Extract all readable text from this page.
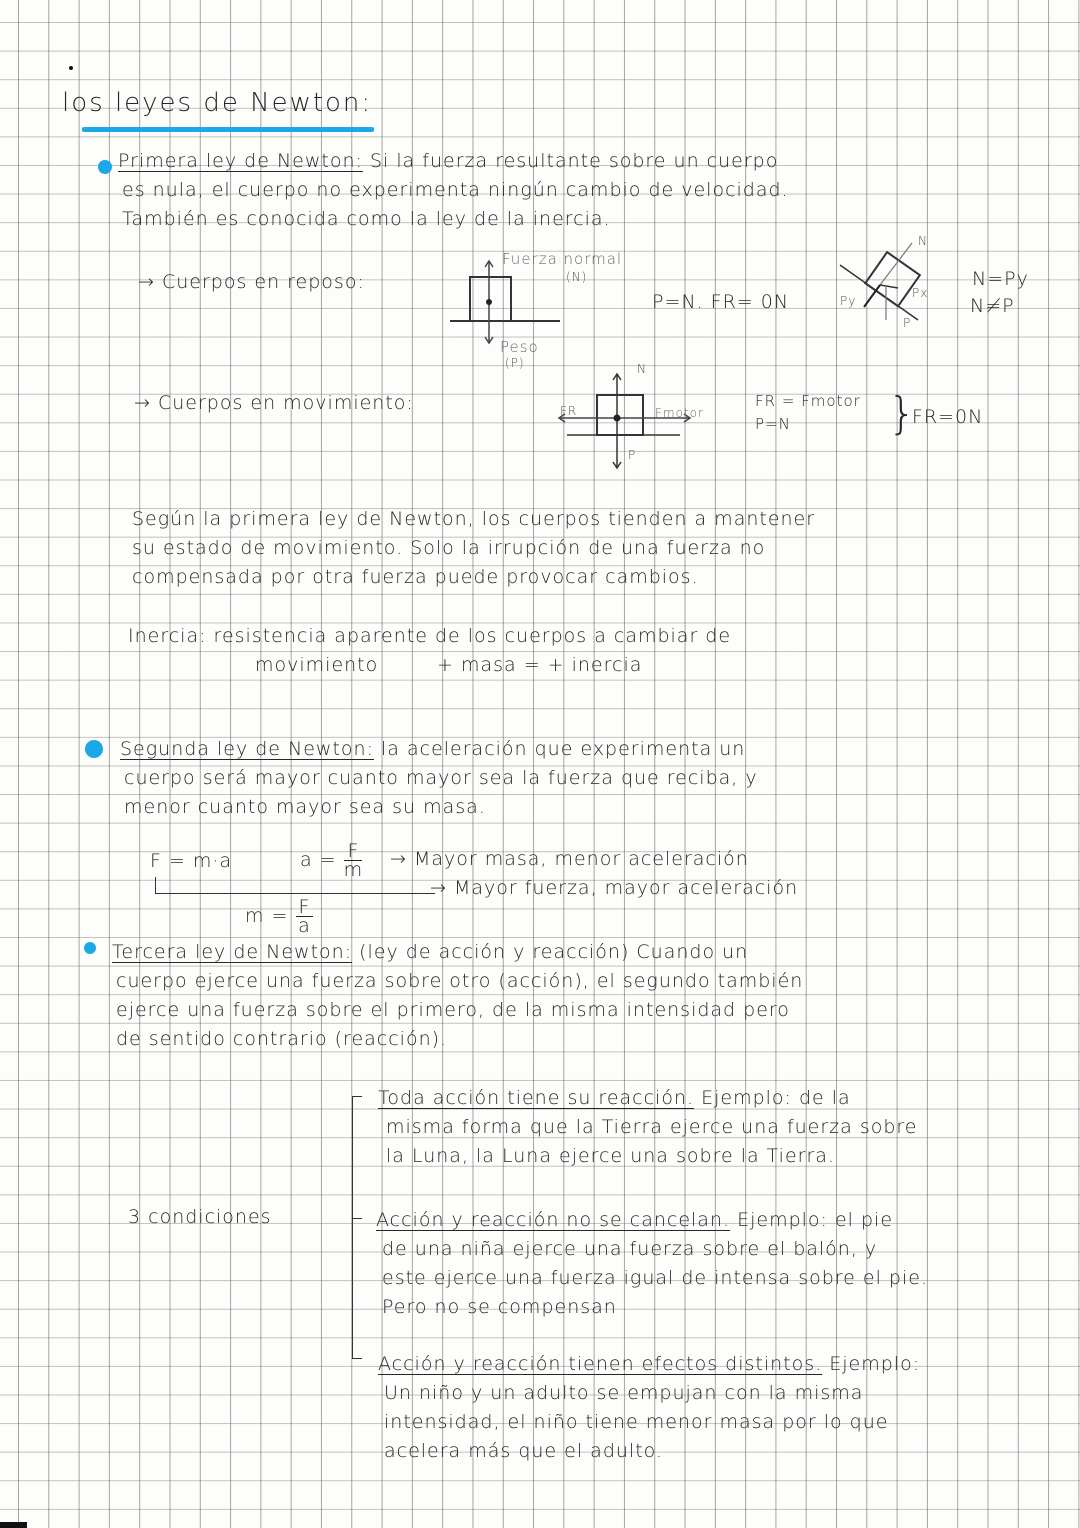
los leyes de Newton:
Primera ley de Newton: Si la fuerza resultante sobre un cuerpo
es nula, el cuerpo no experimenta ningún cambio de velocidad.
También es conocida como la ley de la inercia.
→ Cuerpos en reposo:
Fuerza normal
(N)
Peso
(P)
P=N. FR= 0N
N
Px
Py
P
N=Py
N≠P
→ Cuerpos en movimiento:
N
FR	Fmotor
P
FR = Fmotor
P=N }
FR=0N
Según la primera ley de Newton, los cuerpos tienden a mantener
su estado de movimiento. Solo la irrupción de una fuerza no
compensada por otra fuerza puede provocar cambios.
Inercia: resistencia aparente de los cuerpos a cambiar de
movimiento	+ masa = + inercia
Segunda ley de Newton: la aceleración que experimenta un
cuerpo será mayor cuanto mayor sea la fuerza que reciba, y
menor cuanto mayor sea su masa.
F = m·a	$a = \frac{F}{m}$
$m = \frac{F}{a}$
→ Mayor masa, menor aceleración
→ Mayor fuerza, mayor aceleración
Tercera ley de Newton: (ley de acción y reacción) Cuando un
cuerpo ejerce una fuerza sobre otro (acción), el segundo también
ejerce una fuerza sobre el primero, de la misma intensidad pero
de sentido contrario (reacción).
3 condiciones
Toda acción tiene su reacción. Ejemplo: de la
misma forma que la Tierra ejerce una fuerza sobre
la Luna, la Luna ejerce una sobre la Tierra.
Acción y reacción no se cancelan. Ejemplo: el pie
de una niña ejerce una fuerza sobre el balón, y
este ejerce una fuerza igual de intensa sobre el pie.
Pero no se compensan
Acción y reacción tienen efectos distintos. Ejemplo:
Un niño y un adulto se empujan con la misma
intensidad, el niño tiene menor masa por lo que
acelera más que el adulto.
